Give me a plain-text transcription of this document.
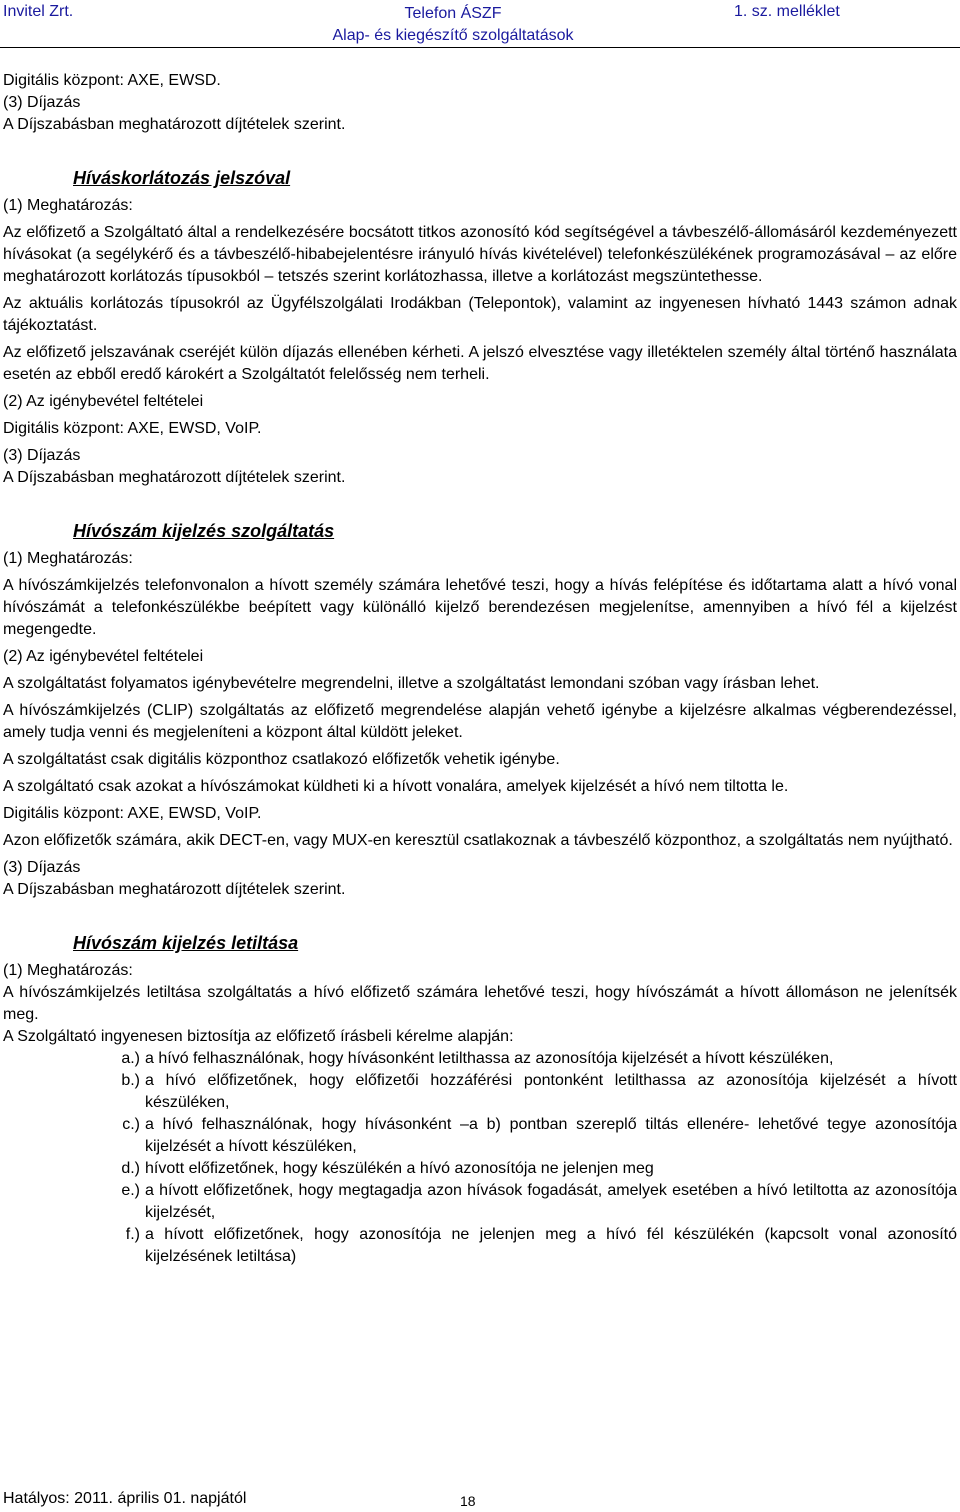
Invitel Zrt.	Telefon ÁSZF
Alap- és kiegészítő szolgáltatások
1. sz. melléklet

Digitális központ: AXE, EWSD.

(3) Díjazás

A Díjszabásban meghatározott díjtételek szerint.

Híváskorlátozás jelszóval

(1) Meghatározás:

Az előfizető a Szolgáltató által a rendelkezésére bocsátott titkos azonosító kód segítségével a távbeszélő-állomásáról kezdeményezett hívásokat (a segélykérő és a távbeszélő-hibabejelentésre irányuló hívás kivételével) telefonkészülékének programozásával – az előre meghatározott korlátozás típusokból – tetszés szerint korlátozhassa, illetve a korlátozást megszüntethesse.

Az aktuális korlátozás típusokról az Ügyfélszolgálati Irodákban (Telepontok), valamint az ingyenesen hívható 1443 számon adnak tájékoztatást.

Az előfizető jelszavának cseréjét külön díjazás ellenében kérheti. A jelszó elvesztése vagy illetéktelen személy által történő használata esetén az ebből eredő károkért a Szolgáltatót felelősség nem terheli.

(2) Az igénybevétel feltételei

Digitális központ: AXE, EWSD, VoIP.

(3) Díjazás

A Díjszabásban meghatározott díjtételek szerint.

Hívószám kijelzés szolgáltatás

(1) Meghatározás:

A hívószámkijelzés telefonvonalon a hívott személy számára lehetővé teszi, hogy a hívás felépítése és időtartama alatt a hívó vonal hívószámát a telefonkészülékbe beépített vagy különálló kijelző berendezésen megjelenítse, amennyiben a hívó fél a kijelzést megengedte.

(2) Az igénybevétel feltételei

A szolgáltatást folyamatos igénybevételre megrendelni, illetve a szolgáltatást lemondani szóban vagy írásban lehet.

A hívószámkijelzés (CLIP) szolgáltatás az előfizető megrendelése alapján vehető igénybe a kijelzésre alkalmas végberendezéssel, amely tudja venni és megjeleníteni a központ által küldött jeleket.

A szolgáltatást csak digitális központhoz csatlakozó előfizetők vehetik igénybe.

A szolgáltató csak azokat a hívószámokat küldheti ki a hívott vonalára, amelyek kijelzését a hívó nem tiltotta le.

Digitális központ: AXE, EWSD, VoIP.

Azon előfizetők számára, akik DECT-en, vagy MUX-en keresztül csatlakoznak a távbeszélő központhoz, a szolgáltatás nem nyújtható.

(3) Díjazás

A Díjszabásban meghatározott díjtételek szerint.

Hívószám kijelzés letiltása

(1) Meghatározás:

A hívószámkijelzés letiltása szolgáltatás a hívó előfizető számára lehetővé teszi, hogy hívószámát a hívott állomáson ne jelenítsék meg.

A Szolgáltató ingyenesen biztosítja az előfizető írásbeli kérelme alapján:

a.) a hívó felhasználónak, hogy hívásonként letilthassa az azonosítója kijelzését a hívott készüléken,
b.) a hívó előfizetőnek, hogy előfizetői hozzáférési pontonként letilthassa az azonosítója kijelzését a hívott készüléken,
c.) a hívó felhasználónak, hogy hívásonként –a b) pontban szereplő tiltás ellenére- lehetővé tegye azonosítója kijelzését a hívott készüléken,
d.) hívott előfizetőnek, hogy készülékén a hívó azonosítója ne jelenjen meg
e.) a hívott előfizetőnek, hogy megtagadja azon hívások fogadását, amelyek esetében a hívó letiltotta az azonosítója kijelzését,
f.) a hívott előfizetőnek, hogy azonosítója ne jelenjen meg a hívó fél készülékén (kapcsolt vonal azonosító kijelzésének letiltása)
Hatályos: 2011. április 01. napjától	18
